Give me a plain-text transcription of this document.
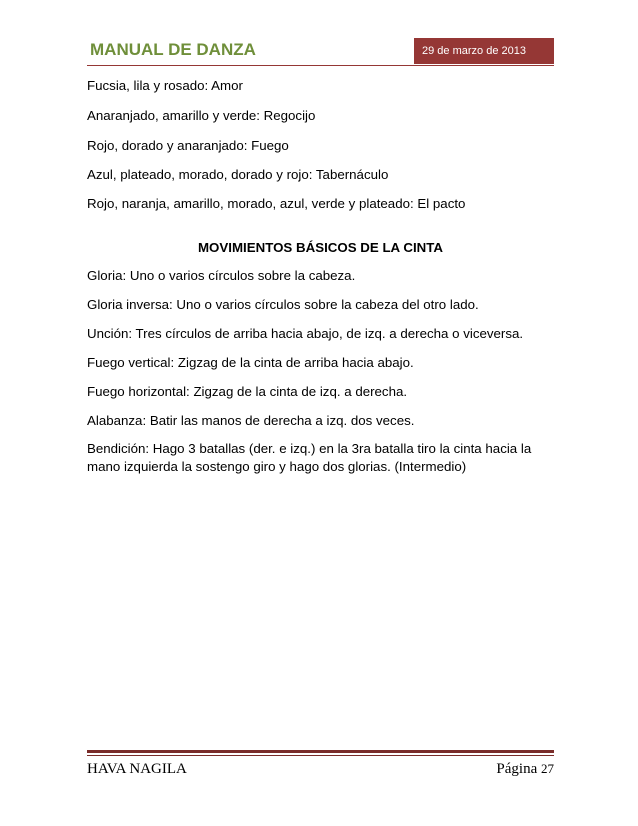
MANUAL DE DANZA	29 de marzo de 2013
Fucsia, lila y rosado: Amor
Anaranjado, amarillo y verde: Regocijo
Rojo, dorado y anaranjado: Fuego
Azul, plateado, morado, dorado y rojo: Tabernáculo
Rojo, naranja, amarillo, morado, azul, verde y plateado: El pacto
MOVIMIENTOS BÁSICOS DE LA CINTA
Gloria: Uno o varios círculos sobre la cabeza.
Gloria inversa: Uno o varios círculos sobre la cabeza del otro lado.
Unción: Tres círculos de arriba hacia abajo, de izq. a derecha o viceversa.
Fuego vertical: Zigzag de la cinta de arriba hacia abajo.
Fuego horizontal: Zigzag de la cinta de izq. a derecha.
Alabanza: Batir las manos de derecha a izq. dos veces.
Bendición: Hago 3 batallas (der. e izq.) en la 3ra batalla tiro la cinta hacia la mano izquierda la sostengo giro y hago dos glorias. (Intermedio)
HAVA NAGILA	Página 27
